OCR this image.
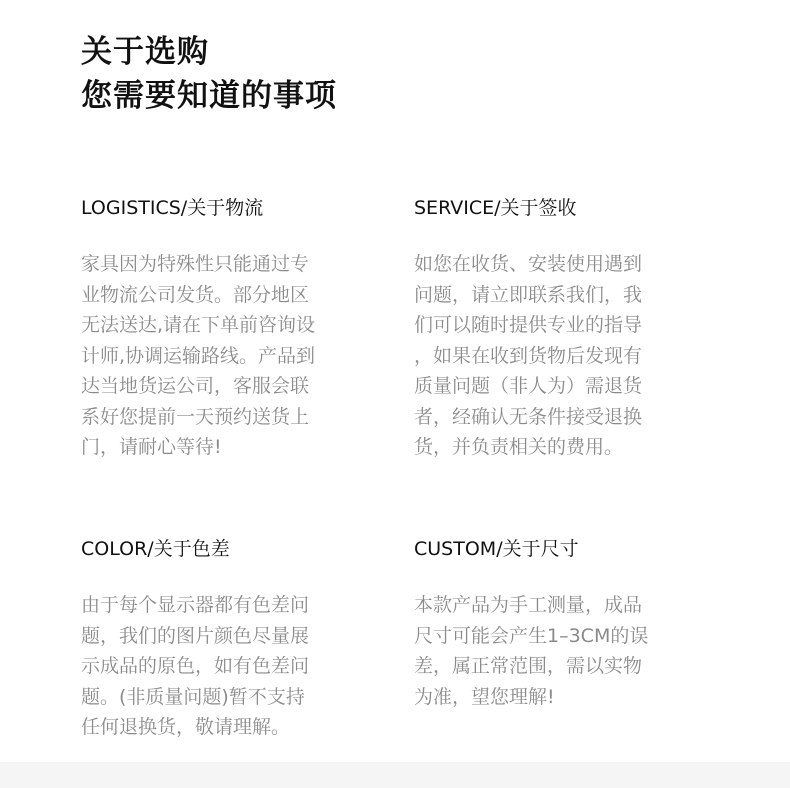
关于选购
您需要知道的事项
LOGISTICS/关于物流

家具因为特殊性只能通过专
业物流公司发货。部分地区
无法送达,请在下单前咨询设
计师,协调运输路线。产品到
达当地货运公司，客服会联
系好您提前一天预约送货上
门，请耐心等待!

SERVICE/关于签收

如您在收货、安装使用遇到
问题，请立即联系我们，我
们可以随时提供专业的指导
，如果在收到货物后发现有
质量问题（非人为）需退货
者，经确认无条件接受退换
货，并负责相关的费用。

COLOR/关于色差

由于每个显示器都有色差问
题，我们的图片颜色尽量展
示成品的原色，如有色差问
题。(非质量问题)暂不支持
任何退换货，敬请理解。

CUSTOM/关于尺寸

本款产品为手工测量，成品
尺寸可能会产生1–3CM的误
差，属正常范围，需以实物
为准，望您理解!
